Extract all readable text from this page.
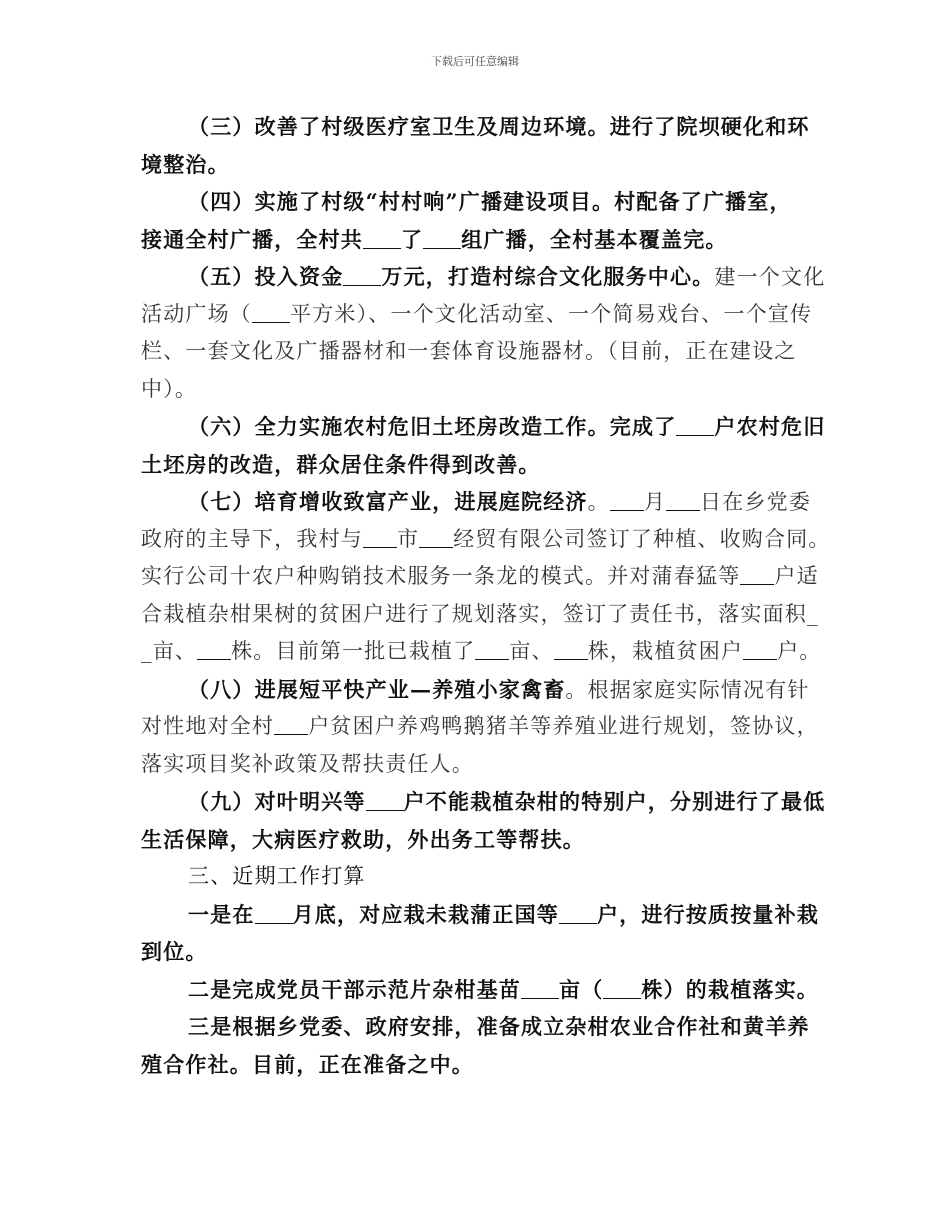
下载后可任意编辑
（三）改善了村级医疗室卫生及周边环境。进行了院坝硬化和环
境整治。
（四）实施了村级“村村响”广播建设项目。村配备了广播室，
接通全村广播，全村共 了 组广播，全村基本覆盖完。
（五）投入资金 万元，打造村综合文化服务中心。建一个文化
活动广场（ 平方米）、一个文化活动室、一个简易戏台、一个宣传
栏、一套文化及广播器材和一套体育设施器材。（目前，正在建设之
中）。
（六）全力实施农村危旧土坯房改造工作。完成了 户农村危旧
土坯房的改造，群众居住条件得到改善。
（七）培育增收致富产业，进展庭院经济。 月 日在乡党委
政府的主导下，我村与 市 经贸有限公司签订了种植、收购合同。
实行公司十农户种购销技术服务一条龙的模式。并对蒲春猛等 户适
合栽植杂柑果树的贫困户进行了规划落实，签订了责任书，落实面积_
_亩、 株。目前第一批已栽植了 亩、 株，栽植贫困户 户。
（八）进展短平快产业—养殖小家禽畜。根据家庭实际情况有针
对性地对全村 户贫困户养鸡鸭鹅猪羊等养殖业进行规划，签协议，
落实项目奖补政策及帮扶责任人。
（九）对叶明兴等 户不能栽植杂柑的特别户，分别进行了最低
生活保障，大病医疗救助，外出务工等帮扶。
三、近期工作打算
一是在 月底，对应栽未栽蒲正国等 户，进行按质按量补栽
到位。
二是完成党员干部示范片杂柑基苗 亩（ 株）的栽植落实。
三是根据乡党委、政府安排，准备成立杂柑农业合作社和黄羊养
殖合作社。目前，正在准备之中。
